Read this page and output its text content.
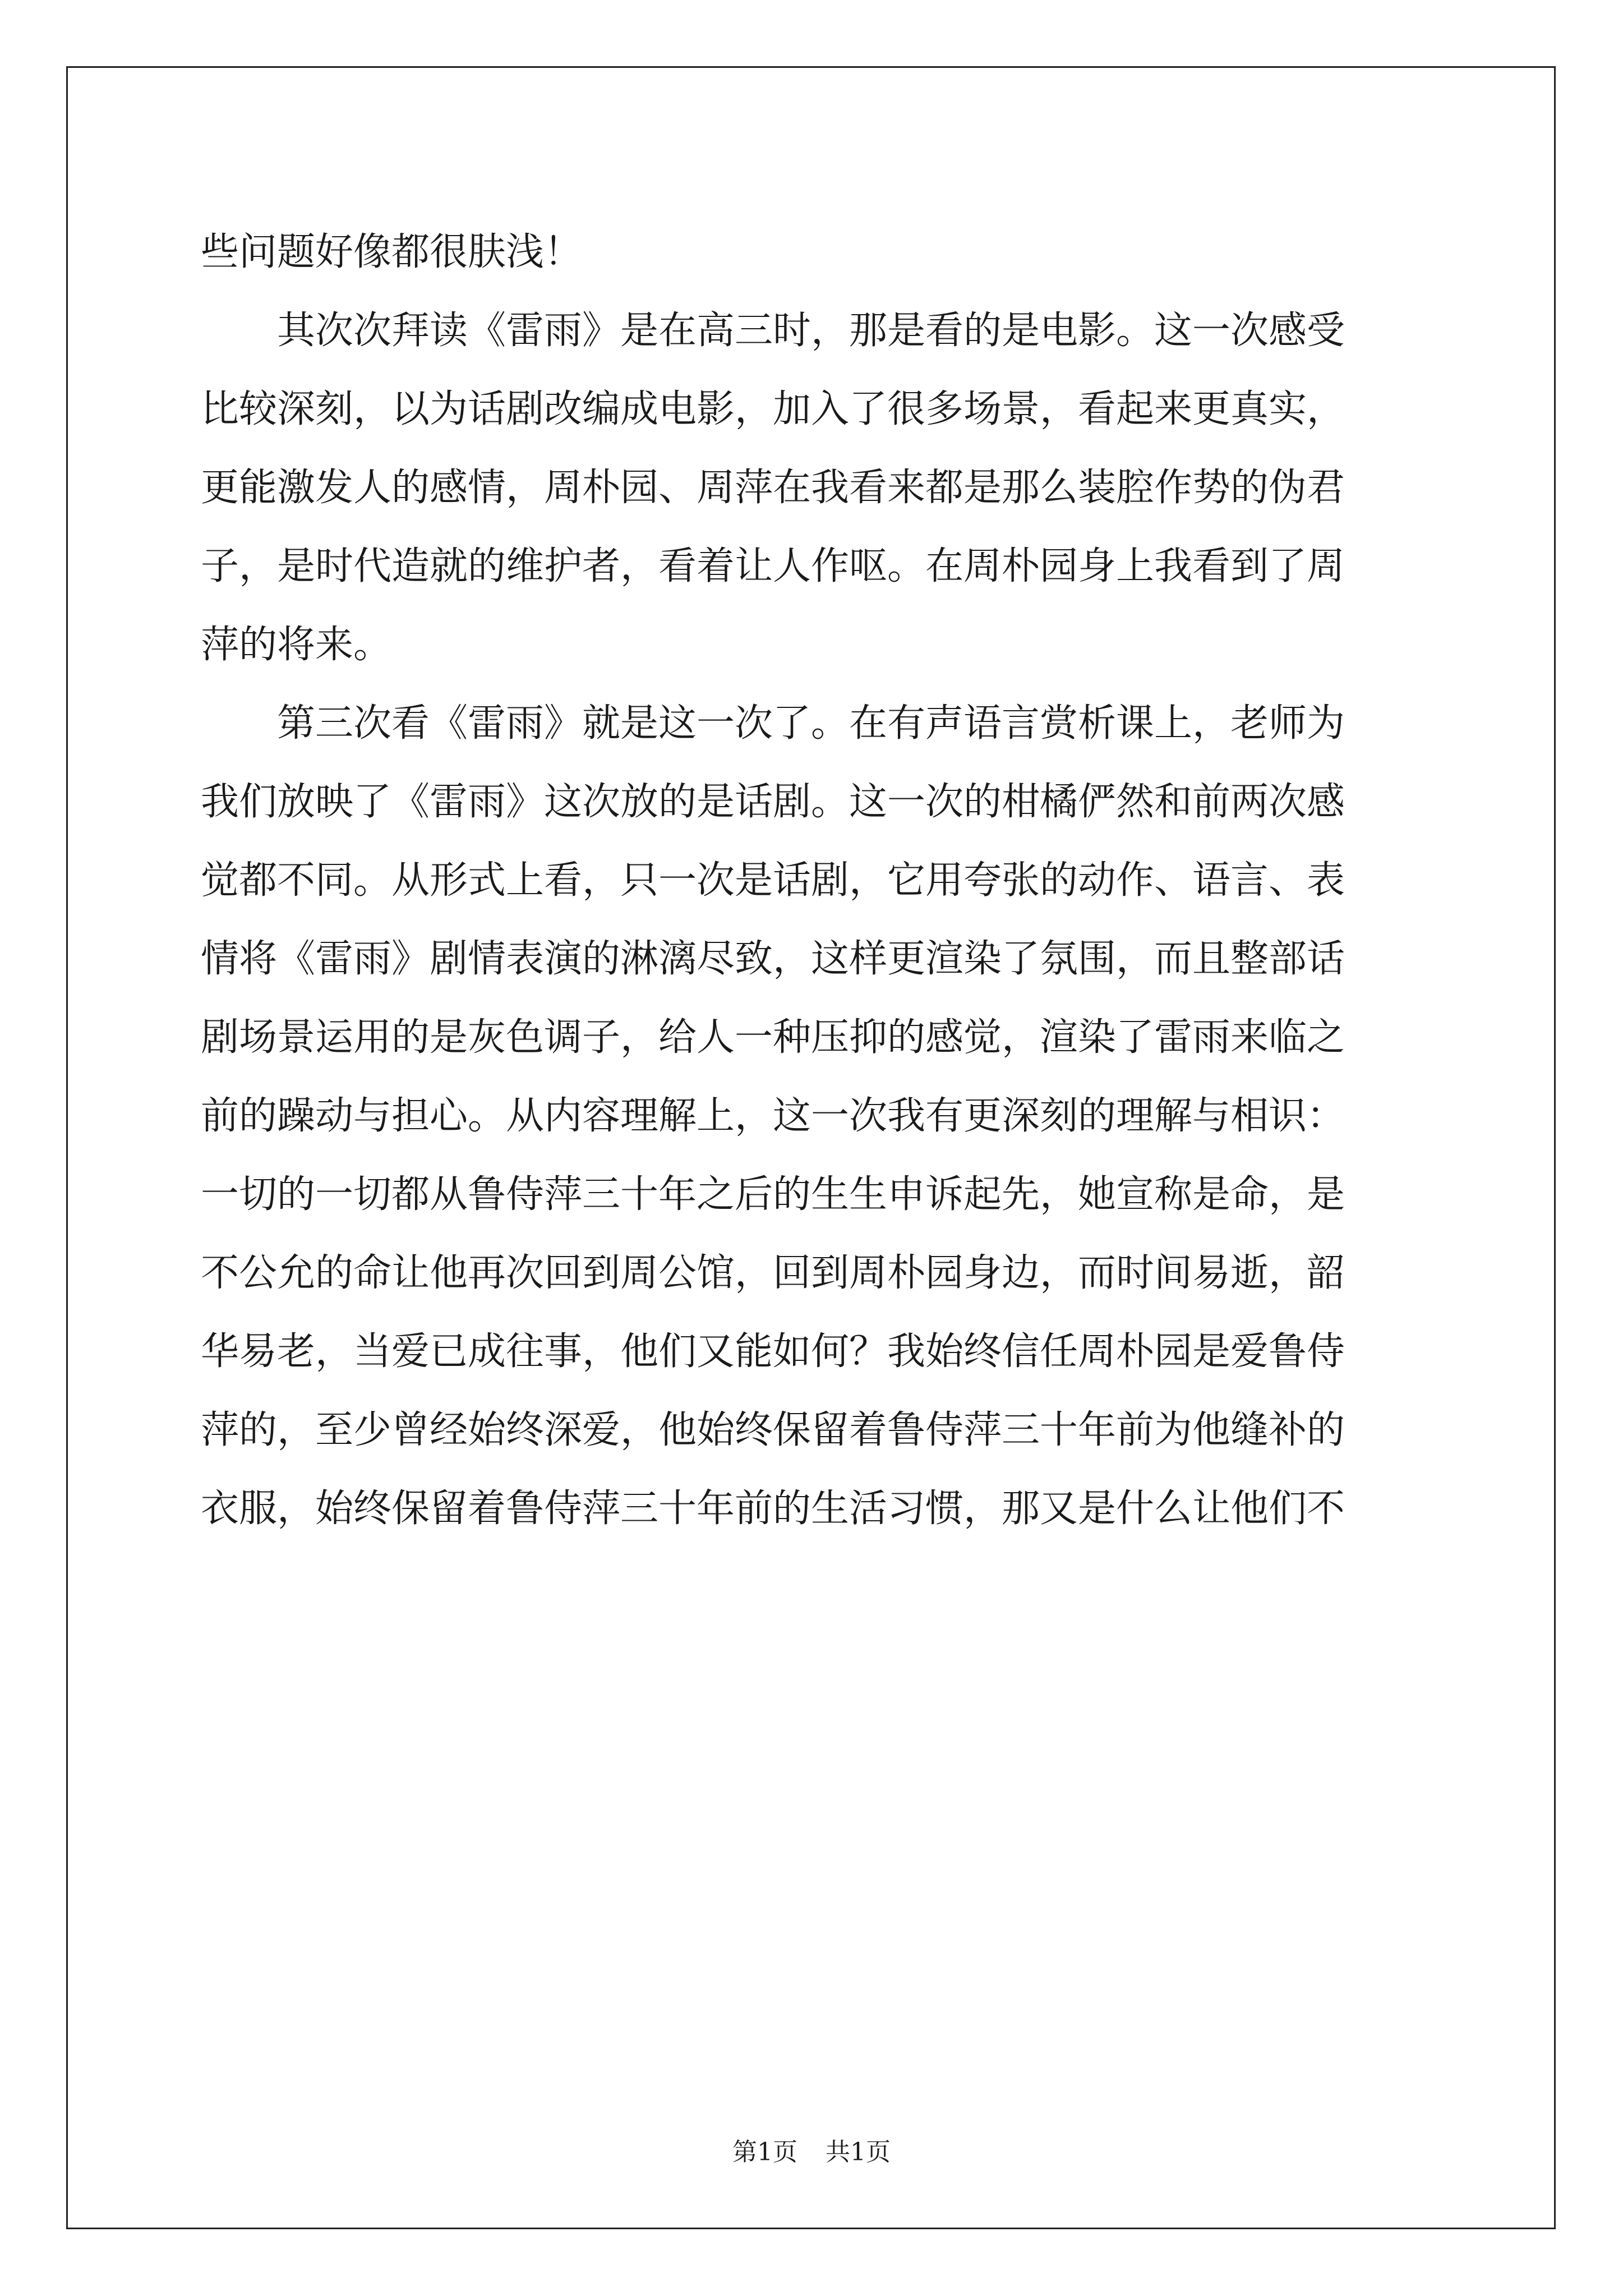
些问题好像都很肤浅！
其次次拜读《雷雨》是在高三时，那是看的是电影。这一次感受
比较深刻，以为话剧改编成电影，加入了很多场景，看起来更真实，
更能激发人的感情，周朴园、周萍在我看来都是那么装腔作势的伪君
子，是时代造就的维护者，看着让人作呕。在周朴园身上我看到了周
萍的将来。
第三次看《雷雨》就是这一次了。在有声语言赏析课上，老师为
我们放映了《雷雨》这次放的是话剧。这一次的柑橘俨然和前两次感
觉都不同。从形式上看，只一次是话剧，它用夸张的动作、语言、表
情将《雷雨》剧情表演的淋漓尽致，这样更渲染了氛围，而且整部话
剧场景运用的是灰色调子，给人一种压抑的感觉，渲染了雷雨来临之
前的躁动与担心。从内容理解上，这一次我有更深刻的理解与相识：
一切的一切都从鲁侍萍三十年之后的生生申诉起先，她宣称是命，是
不公允的命让他再次回到周公馆，回到周朴园身边，而时间易逝，韶
华易老，当爱已成往事，他们又能如何？我始终信任周朴园是爱鲁侍
萍的，至少曾经始终深爱，他始终保留着鲁侍萍三十年前为他缝补的
衣服，始终保留着鲁侍萍三十年前的生活习惯，那又是什么让他们不
第1页 共1页
